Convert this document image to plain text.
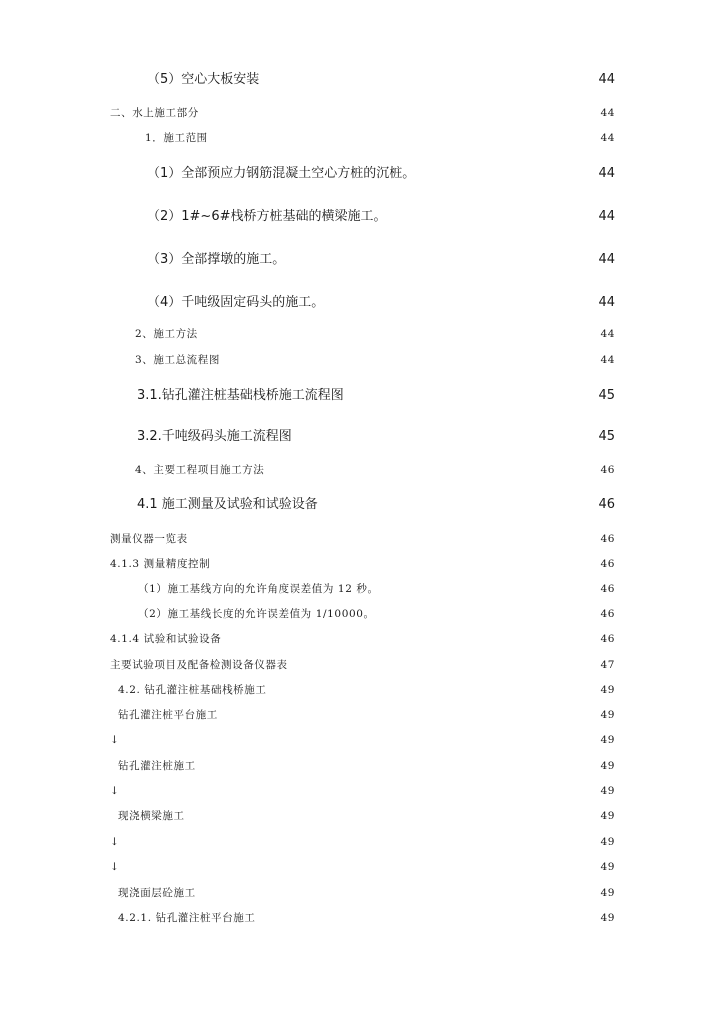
（5）空心大板安装	44
二、水上施工部分	44
1．施工范围	44
（1）全部预应力钢筋混凝土空心方桩的沉桩。	44
（2）1#~6#栈桥方桩基础的横梁施工。	44
（3）全部撑墩的施工。	44
（4）千吨级固定码头的施工。	44
2、施工方法	44
3、施工总流程图	44
3.1.钻孔灌注桩基础栈桥施工流程图	45
3.2.千吨级码头施工流程图	45
4、主要工程项目施工方法	46
4.1 施工测量及试验和试验设备	46
测量仪器一览表	46
4.1.3 测量精度控制	46
（1）施工基线方向的允许角度误差值为 12 秒。	46
（2）施工基线长度的允许误差值为 1/10000。	46
4.1.4 试验和试验设备	46
主要试验项目及配备检测设备仪器表	47
4.2. 钻孔灌注桩基础栈桥施工	49
钻孔灌注桩平台施工	49
↓	49
钻孔灌注桩施工	49
↓	49
现浇横梁施工	49
↓	49
↓	49
现浇面层砼施工	49
4.2.1. 钻孔灌注桩平台施工	49
